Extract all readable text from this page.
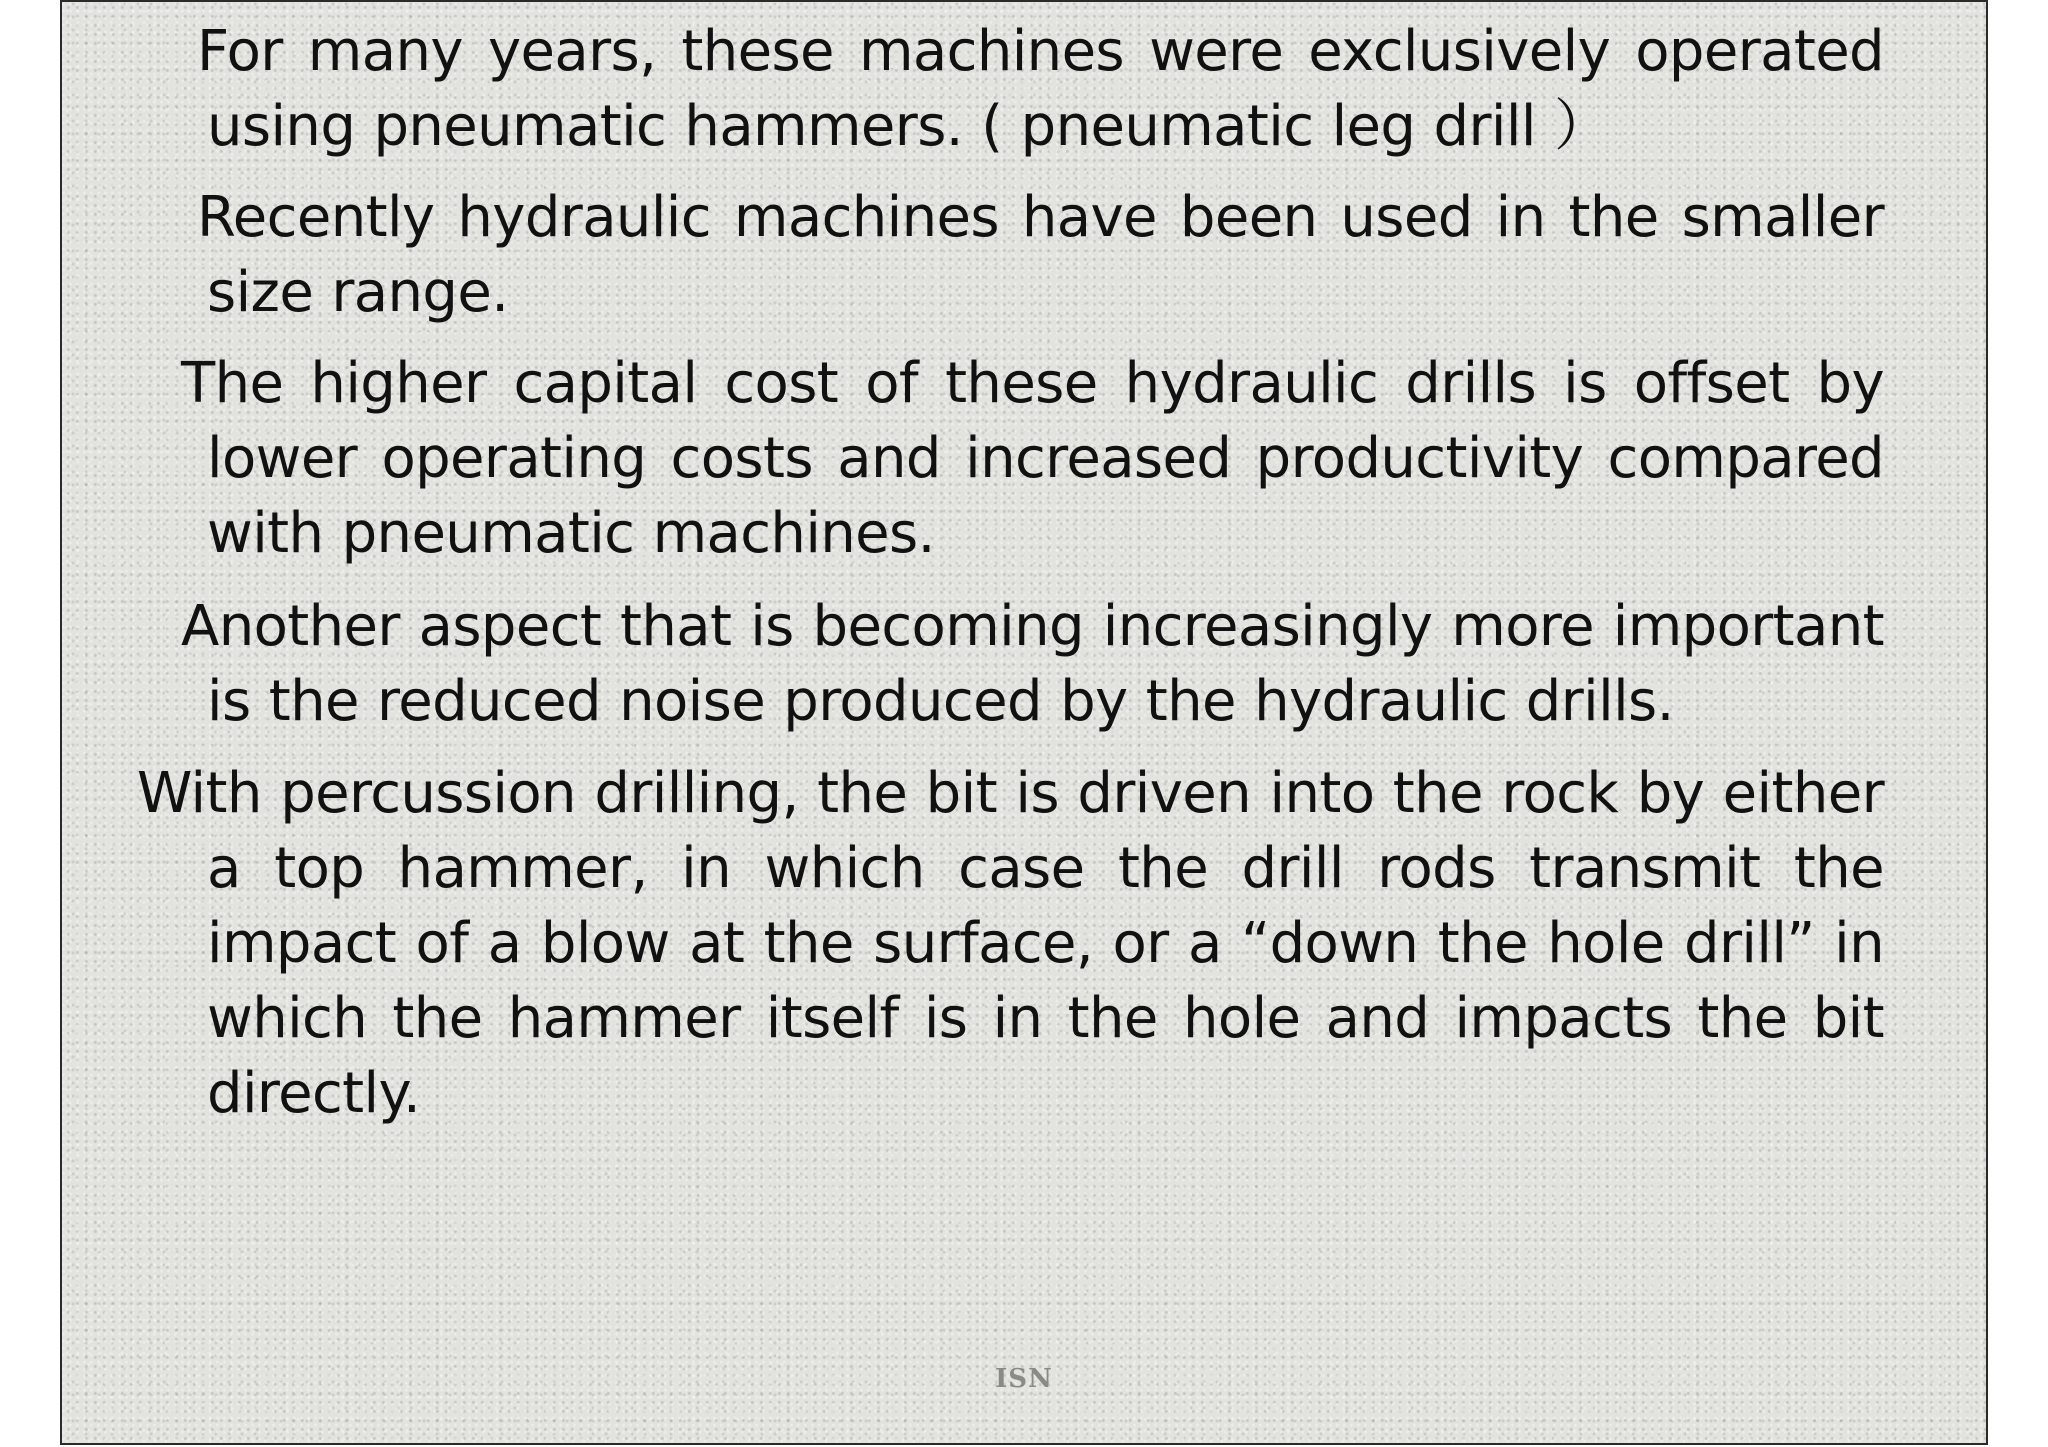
For many years, these machines were exclusively operated using pneumatic hammers. ( pneumatic leg drill ）

Recently hydraulic machines have been used in the smaller size range.

The higher capital cost of these hydraulic drills is offset by lower operating costs and increased productivity compared with pneumatic machines.

Another aspect that is becoming increasingly more important is the reduced noise produced by the hydraulic drills.

With percussion drilling, the bit is driven into the rock by either a top hammer, in which case the drill rods transmit the impact of a blow at the surface, or a “down the hole drill” in which the hammer itself is in the hole and impacts the bit directly.

ISN
